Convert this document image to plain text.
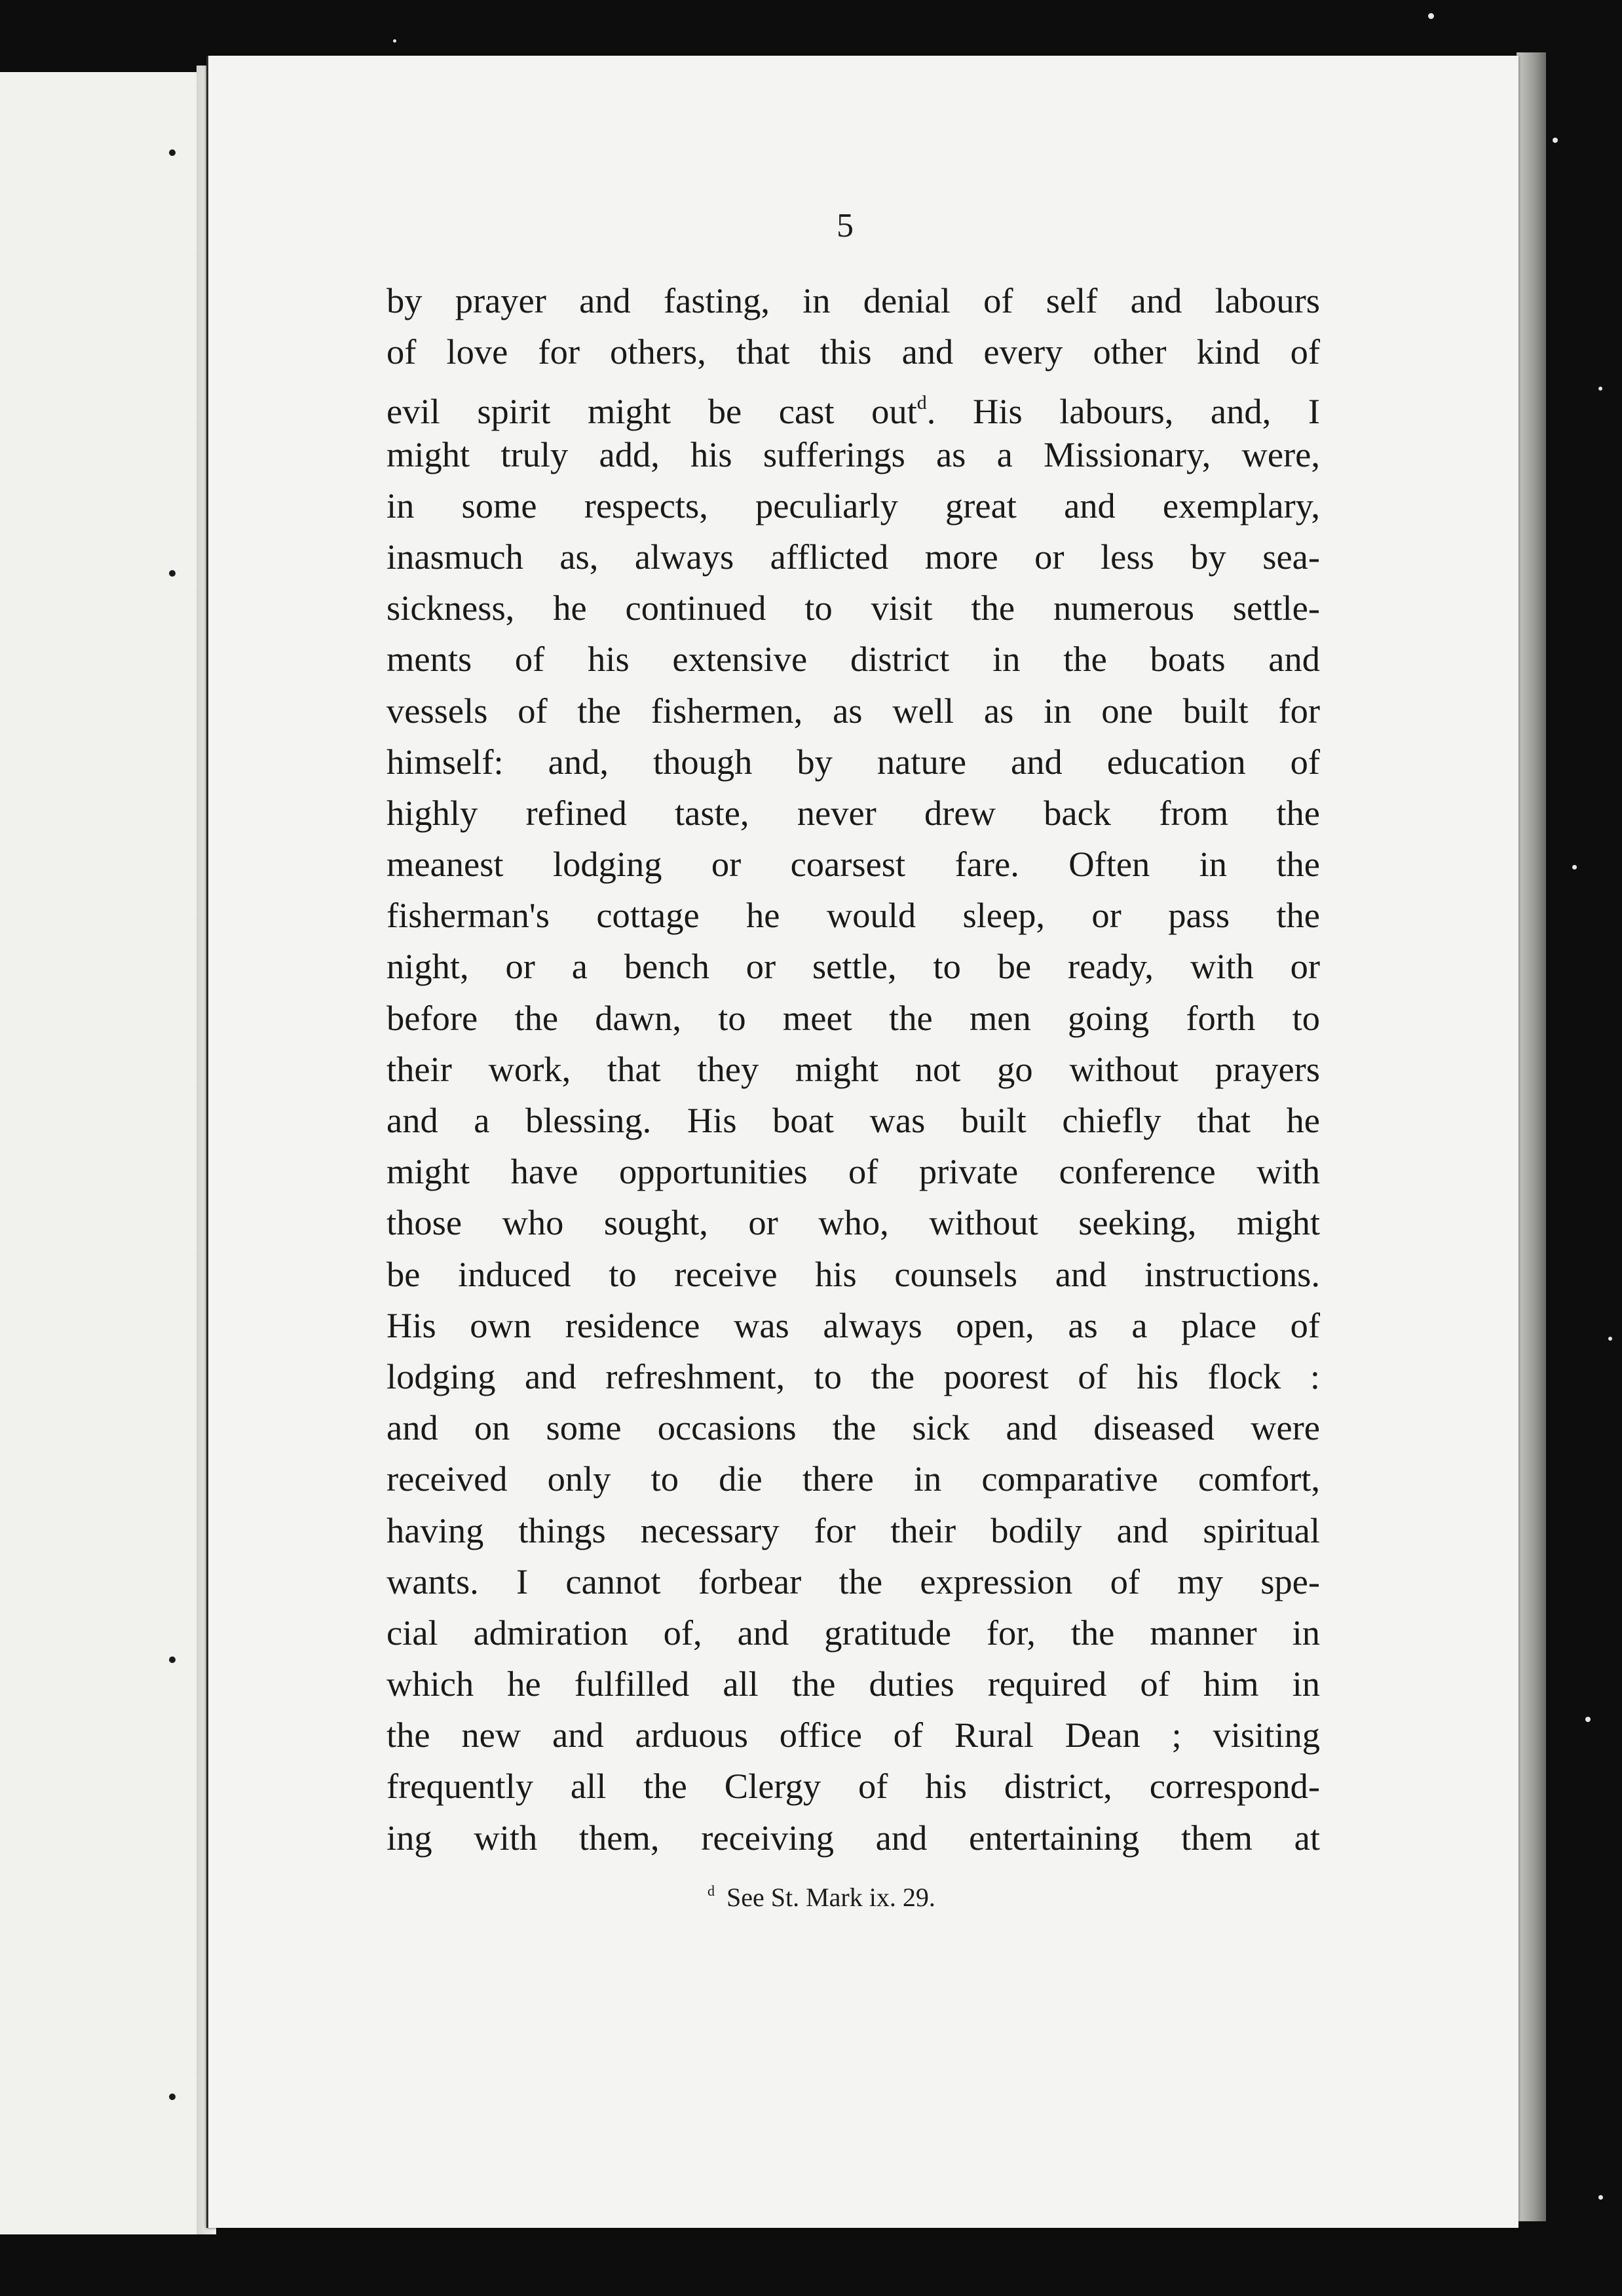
5
by prayer and fasting, in denial of self and labours
of love for others, that this and every other kind of
evil spirit might be cast out$^d$. His labours, and, I
might truly add, his sufferings as a Missionary, were,
in some respects, peculiarly great and exemplary,
inasmuch as, always afflicted more or less by sea-
sickness, he continued to visit the numerous settle-
ments of his extensive district in the boats and
vessels of the fishermen, as well as in one built for
himself: and, though by nature and education of
highly refined taste, never drew back from the
meanest lodging or coarsest fare. Often in the
fisherman's cottage he would sleep, or pass the
night, or a bench or settle, to be ready, with or
before the dawn, to meet the men going forth to
their work, that they might not go without prayers
and a blessing. His boat was built chiefly that he
might have opportunities of private conference with
those who sought, or who, without seeking, might
be induced to receive his counsels and instructions.
His own residence was always open, as a place of
lodging and refreshment, to the poorest of his flock :
and on some occasions the sick and diseased were
received only to die there in comparative comfort,
having things necessary for their bodily and spiritual
wants. I cannot forbear the expression of my spe-
cial admiration of, and gratitude for, the manner in
which he fulfilled all the duties required of him in
the new and arduous office of Rural Dean ; visiting
frequently all the Clergy of his district, correspond-
ing with them, receiving and entertaining them at
$^d$ See St. Mark ix. 29.
